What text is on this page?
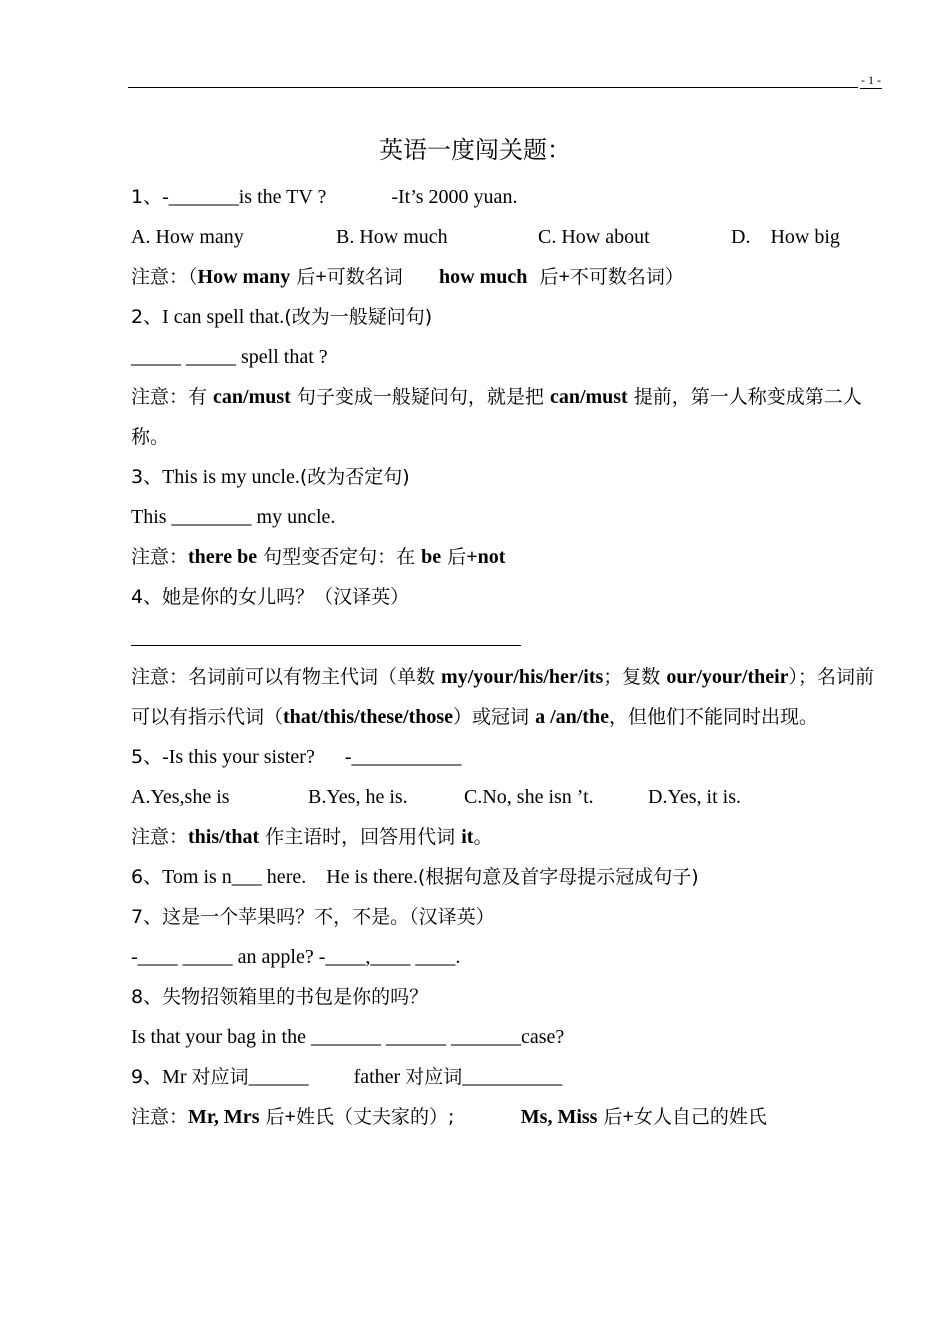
- 1 -
英语一度闯关题：
1、-_______is the TV ?	-It’s 2000 yuan.
A. How many	B. How much	C. How about	D.    How big
注意：（How many 后+可数名词      how much  后+不可数名词）
2、I can spell that.(改为一般疑问句)
_____ _____ spell that ?
注意：有 can/must 句子变成一般疑问句，就是把 can/must 提前，第一人称变成第二人称。
3、This is my uncle.(改为否定句)
This ________ my uncle.
注意：there be 句型变否定句：在 be 后+not
4、她是你的女儿吗？（汉译英）
注意：名词前可以有物主代词（单数 my/your/his/her/its；复数 our/your/their）；名词前可以有指示代词（that/this/these/those）或冠词 a /an/the，但他们不能同时出现。
5、-Is this your sister? -___________
A.Yes,she is	B.Yes, he is.	C.No, she isn ’t.	D.Yes, it is.
注意：this/that 作主语时，回答用代词 it。
6、Tom is n___ here.    He is there.(根据句意及首字母提示冠成句子)
7、这是一个苹果吗？不，不是。（汉译英）
-____ _____ an apple? -____,____ ____.
8、失物招领箱里的书包是你的吗？
Is that your bag in the _______ ______ _______case?
9、Mr 对应词______         father 对应词__________
注意：Mr, Mrs 后+姓氏（丈夫家的）;           Ms, Miss 后+女人自己的姓氏
